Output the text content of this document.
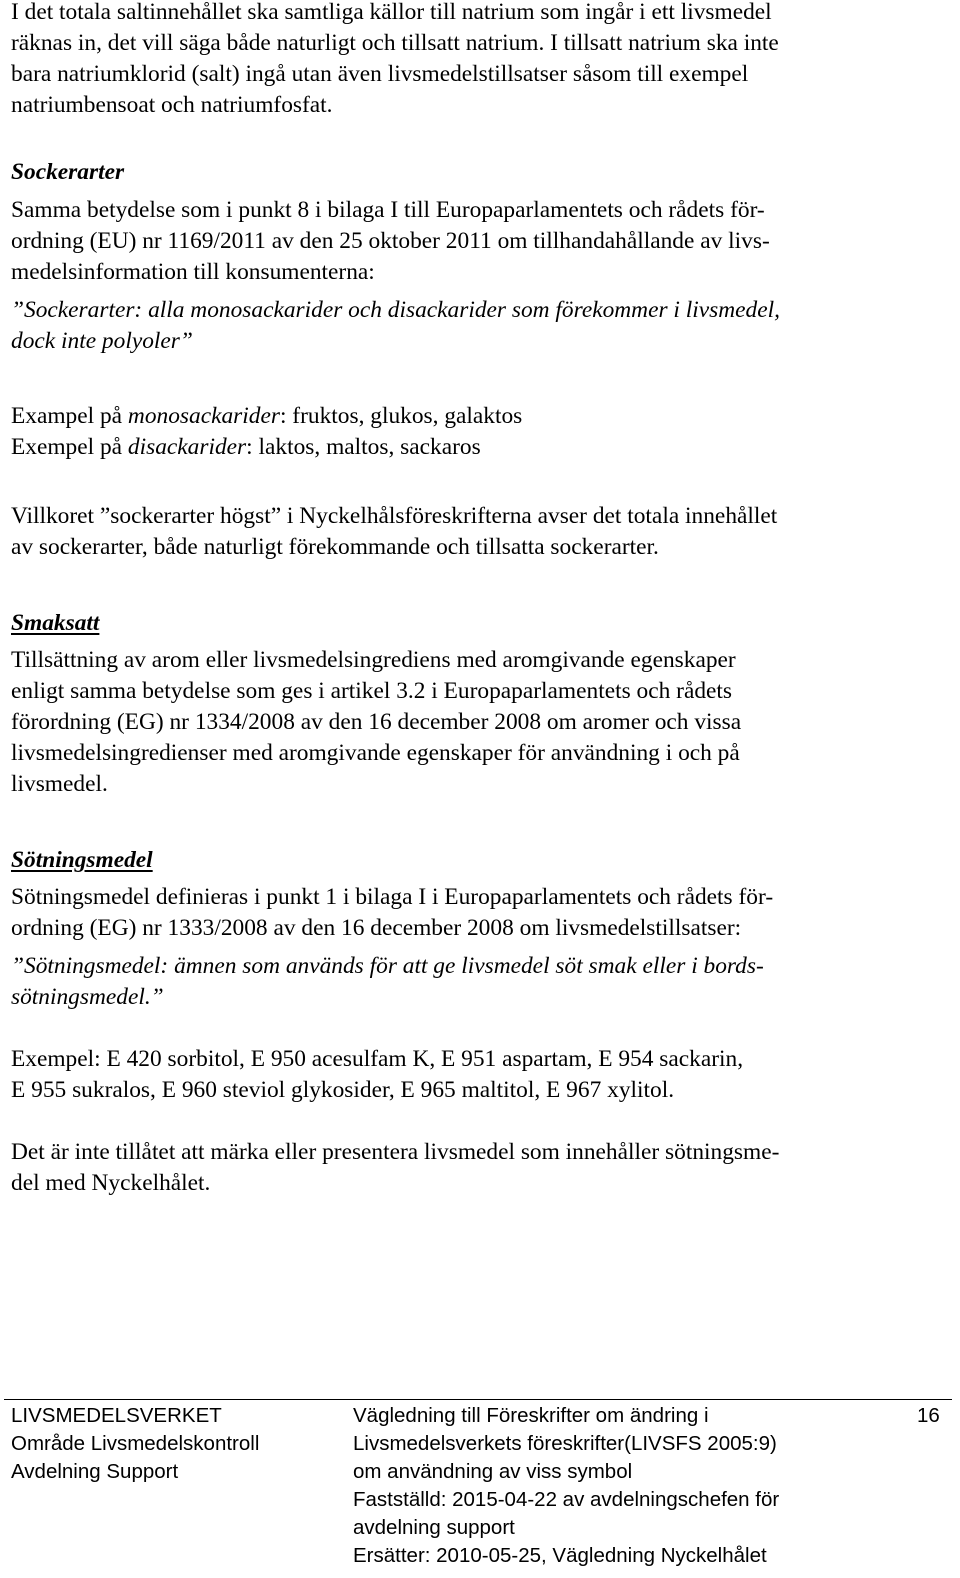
I det totala saltinnehållet ska samtliga källor till natrium som ingår i ett livsmedel
räknas in, det vill säga både naturligt och tillsatt natrium. I tillsatt natrium ska inte
bara natriumklorid (salt) ingå utan även livsmedelstillsatser såsom till exempel
natriumbensoat och natriumfosfat.

Sockerarter

Samma betydelse som i punkt 8 i bilaga I till Europaparlamentets och rådets för-
ordning (EU) nr 1169/2011 av den 25 oktober 2011 om tillhandahållande av livs-
medelsinformation till konsumenterna:

”Sockerarter: alla monosackarider och disackarider som förekommer i livsmedel,
dock inte polyoler”

Exampel på monosackarider: fruktos, glukos, galaktos

Exempel på disackarider: laktos, maltos, sackaros

Villkoret ”sockerarter högst” i Nyckelhålsföreskrifterna avser det totala innehållet
av sockerarter, både naturligt förekommande och tillsatta sockerarter.

Smaksatt

Tillsättning av arom eller livsmedelsingrediens med aromgivande egenskaper
enligt samma betydelse som ges i artikel 3.2 i Europaparlamentets och rådets
förordning (EG) nr 1334/2008 av den 16 december 2008 om aromer och vissa
livsmedelsingredienser med aromgivande egenskaper för användning i och på
livsmedel.

Sötningsmedel

Sötningsmedel definieras i punkt 1 i bilaga I i Europaparlamentets och rådets för-
ordning (EG) nr 1333/2008 av den 16 december 2008 om livsmedelstillsatser:

”Sötningsmedel: ämnen som används för att ge livsmedel söt smak eller i bords-
sötningsmedel.”

Exempel: E 420 sorbitol, E 950 acesulfam K, E 951 aspartam, E 954 sackarin,
E 955 sukralos, E 960 steviol glykosider, E 965 maltitol, E 967 xylitol.

Det är inte tillåtet att märka eller presentera livsmedel som innehåller sötningsme-
del med Nyckelhålet.

LIVSMEDELSVERKET
Område Livsmedelskontroll
Avdelning Support
Vägledning till Föreskrifter om ändring i
Livsmedelsverkets föreskrifter(LIVSFS 2005:9)
om användning av viss symbol
Fastställd: 2015-04-22 av avdelningschefen för
avdelning support
Ersätter: 2010-05-25, Vägledning Nyckelhålet
16
